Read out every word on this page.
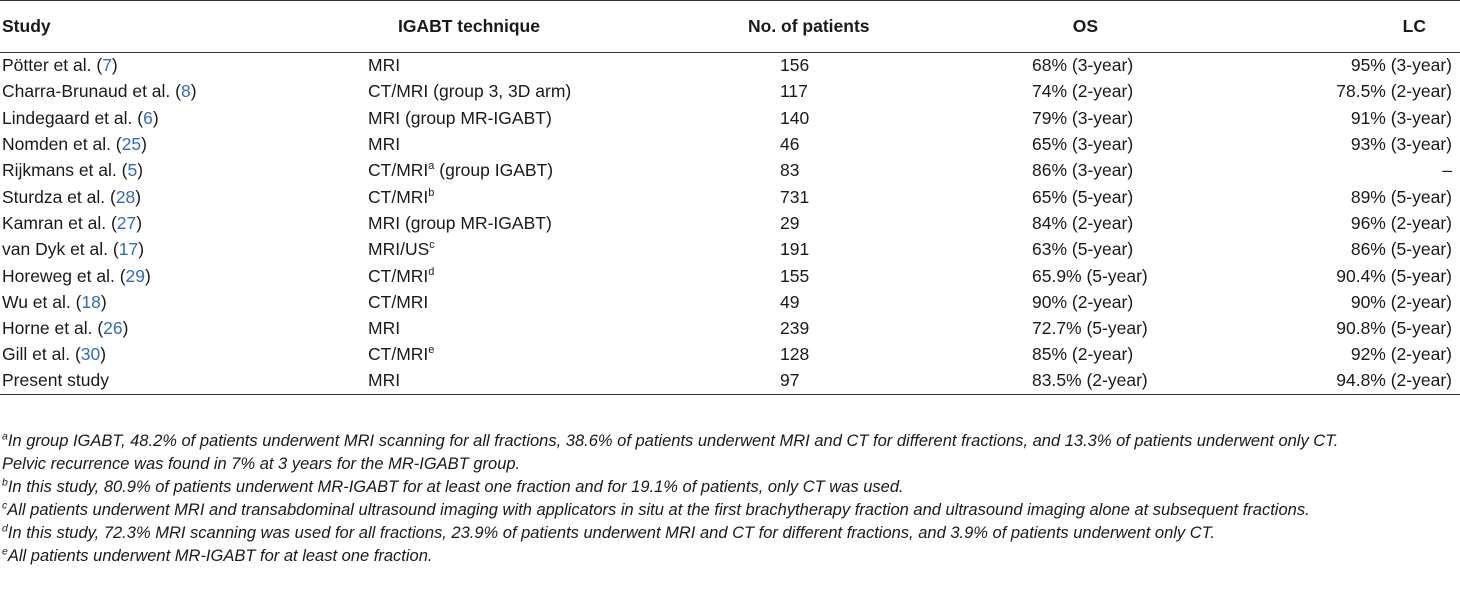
Study	IGABT technique	No. of patients	OS	LC
Pötter et al. (7)	MRI	156	68% (3-year)	95% (3-year)
Charra-Brunaud et al. (8)	CT/MRI (group 3, 3D arm)	117	74% (2-year)	78.5% (2-year)
Lindegaard et al. (6)	MRI (group MR-IGABT)	140	79% (3-year)	91% (3-year)
Nomden et al. (25)	MRI	46	65% (3-year)	93% (3-year)
Rijkmans et al. (5)	CT/MRI$^a$ (group IGABT)	83	86% (3-year)	–
Sturdza et al. (28)	CT/MRI$^b$	731	65% (5-year)	89% (5-year)
Kamran et al. (27)	MRI (group MR-IGABT)	29	84% (2-year)	96% (2-year)
van Dyk et al. (17)	MRI/$US^c$	191	63% (5-year)	86% (5-year)
Horeweg et al. (29)	CT/MRI$^d$	155	65.9% (5-year)	90.4% (5-year)
Wu et al. (18)	CT/MRI	49	90% (2-year)	90% (2-year)
Horne et al. (26)	MRI	239	72.7% (5-year)	90.8% (5-year)
Gill et al. (30)	CT/MRI$^e$	128	85% (2-year)	92% (2-year)
Present study	MRI	97	83.5% (2-year)	94.8% (2-year)

$^a$In group IGABT, 48.2% of patients underwent MRI scanning for all fractions, 38.6% of patients underwent MRI and CT for different fractions, and 13.3% of patients underwent only CT.

Pelvic recurrence was found in 7% at 3 years for the MR-IGABT group.

$^b$In this study, 80.9% of patients underwent MR-IGABT for at least one fraction and for 19.1% of patients, only CT was used.

$^c$All patients underwent MRI and transabdominal ultrasound imaging with applicators in situ at the first brachytherapy fraction and ultrasound imaging alone at subsequent fractions.

$^d$In this study, 72.3% MRI scanning was used for all fractions, 23.9% of patients underwent MRI and CT for different fractions, and 3.9% of patients underwent only CT.

$^e$All patients underwent MR-IGABT for at least one fraction.
